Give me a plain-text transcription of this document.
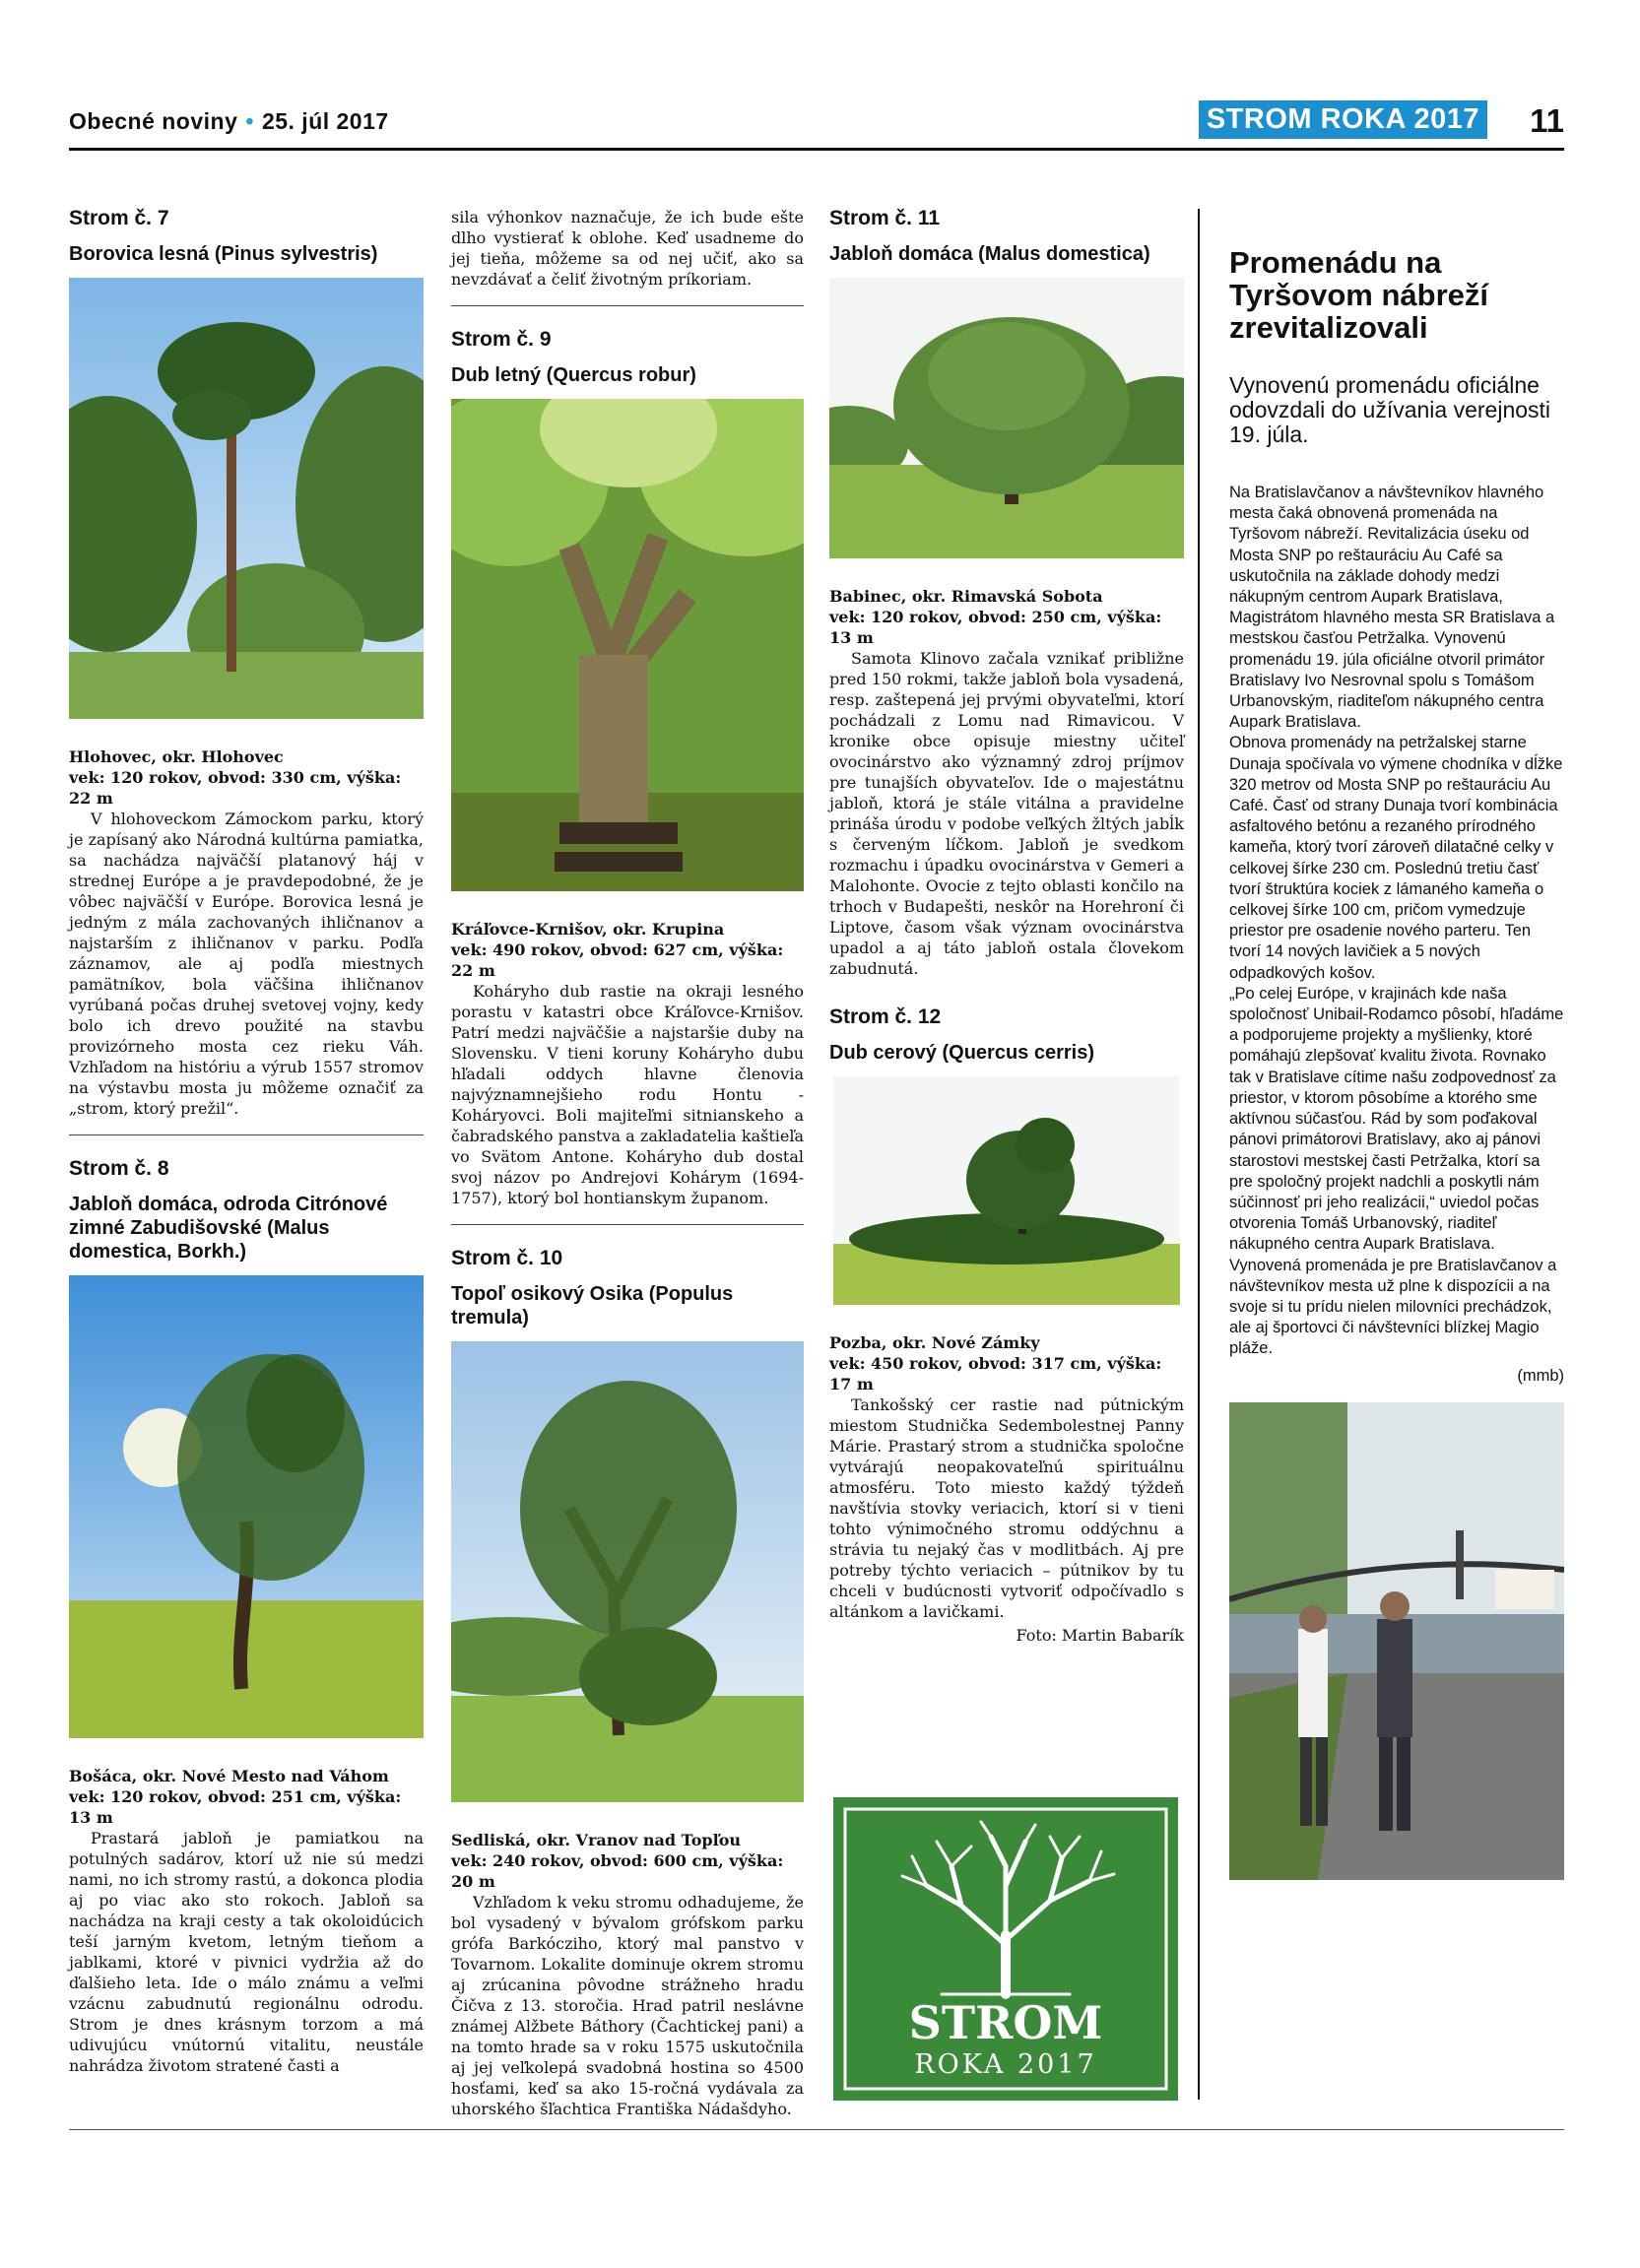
Obecné noviny • 25. júl 2017	STROM ROKA 2017 11
Strom č. 7
Borovica lesná (Pinus sylvestris)
Hlohovec, okr. Hlohovec
vek: 120 rokov, obvod: 330 cm, výška: 22 m

V hlohoveckom Zámockom parku, ktorý je zapísaný ako Národná kultúrna pamiatka, sa nachádza najväčší platanový háj v strednej Európe a je pravdepodobné, že je vôbec najväčší v Európe. Borovica lesná je jedným z mála zachovaných ihličnanov a najstarším z ihličnanov v parku. Podľa záznamov, ale aj podľa miestnych pamätníkov, bola väčšina ihličnanov vyrúbaná počas druhej svetovej vojny, kedy bolo ich drevo použité na stavbu provizórneho mosta cez rieku Váh. Vzhľadom na históriu a výrub 1557 stromov na výstavbu mosta ju môžeme označiť za „strom, ktorý prežil“.

Strom č. 8
Jabloň domáca, odroda Citrónové zimné Zabudišovské (Malus domestica, Borkh.)
Bošáca, okr. Nové Mesto nad Váhom
vek: 120 rokov, obvod: 251 cm, výška: 13 m

Prastará jabloň je pamiatkou na potulných sadárov, ktorí už nie sú medzi nami, no ich stromy rastú, a dokonca plodia aj po viac ako sto rokoch. Jabloň sa nachádza na kraji cesty a tak okoloidúcich teší jarným kvetom, letným tieňom a jablkami, ktoré v pivnici vydržia až do ďalšieho leta. Ide o málo známu a veľmi vzácnu zabudnutú regionálnu odrodu. Strom je dnes krásnym torzom a má udivujúcu vnútornú vitalitu, neustále nahrádza životom stratené časti a

sila výhonkov naznačuje, že ich bude ešte dlho vystierať k oblohe. Keď usadneme do jej tieňa, môžeme sa od nej učiť, ako sa nevzdávať a čeliť životným príkoriam.
Strom č. 9
Dub letný (Quercus robur)
Kráľovce-Krnišov, okr. Krupina
vek: 490 rokov, obvod: 627 cm, výška: 22 m

Koháryho dub rastie na okraji lesného porastu v katastri obce Kráľovce-Krnišov. Patrí medzi najväčšie a najstaršie duby na Slovensku. V tieni koruny Koháryho dubu hľadali oddych hlavne členovia najvýznamnejšieho rodu Hontu - Koháryovci. Boli majiteľmi sitnianskeho a čabradského panstva a zakladatelia kaštieľa vo Svätom Antone. Koháryho dub dostal svoj názov po Andrejovi Kohárym (1694-1757), ktorý bol hontianskym županom.

Strom č. 10
Topoľ osikový Osika (Populus tremula)
Sedliská, okr. Vranov nad Topľou
vek: 240 rokov, obvod: 600 cm, výška: 20 m

Vzhľadom k veku stromu odhadujeme, že bol vysadený v bývalom grófskom parku grófa Barkócziho, ktorý mal panstvo v Tovarnom. Lokalite dominuje okrem stromu aj zrúcanina pôvodne strážneho hradu Čičva z 13. storočia. Hrad patril neslávne známej Alžbete Báthory (Čachtickej pani) a na tomto hrade sa v roku 1575 uskutočnila aj jej veľkolepá svadobná hostina so 4500 hosťami, keď sa ako 15-ročná vydávala za uhorského šľachtica Františka Nádašdyho.

Strom č. 11
Jabloň domáca (Malus domestica)
Babinec, okr. Rimavská Sobota
vek: 120 rokov, obvod: 250 cm, výška: 13 m

Samota Klinovo začala vznikať približne pred 150 rokmi, takže jabloň bola vysadená, resp. zaštepená jej prvými obyvateľmi, ktorí pochádzali z Lomu nad Rimavicou. V kronike obce opisuje miestny učiteľ ovocinárstvo ako významný zdroj príjmov pre tunajších obyvateľov. Ide o majestátnu jabloň, ktorá je stále vitálna a pravidelne prináša úrodu v podobe veľkých žltých jabĺk s červeným líčkom. Jabloň je svedkom rozmachu i úpadku ovocinárstva v Gemeri a Malohonte. Ovocie z tejto oblasti končilo na trhoch v Budapešti, neskôr na Horehroní či Liptove, časom však význam ovocinárstva upadol a aj táto jabloň ostala človekom zabudnutá.

Strom č. 12
Dub cerový (Quercus cerris)
Pozba, okr. Nové Zámky
vek: 450 rokov, obvod: 317 cm, výška: 17 m

Tankošský cer rastie nad pútnickým miestom Studnička Sedembolestnej Panny Márie. Prastarý strom a studnička spoločne vytvárajú neopakovateľnú spirituálnu atmosféru. Toto miesto každý týždeň navštívia stovky veriacich, ktorí si v tieni tohto výnimočného stromu oddýchnu a strávia tu nejaký čas v modlitbách. Aj pre potreby týchto veriacich – pútnikov by tu chceli v budúcnosti vytvoriť odpočívadlo s altánkom a lavičkami.

Foto: Martin Babarík
STROM
ROKA 2017
Promenádu na Tyršovom nábreží zrevitalizovali
Vynovenú promenádu oficiálne odovzdali do užívania verejnosti 19. júla.

Na Bratislavčanov a návštevníkov hlavného mesta čaká obnovená promenáda na Tyršovom nábreží. Revitalizácia úseku od Mosta SNP po reštauráciu Au Café sa uskutočnila na základe dohody medzi nákupným centrom Aupark Bratislava, Magistrátom hlavného mesta SR Bratislava a mestskou časťou Petržalka. Vynovenú promenádu 19. júla oficiálne otvoril primátor Bratislavy Ivo Nesrovnal spolu s Tomášom Urbanovským, riaditeľom nákupného centra Aupark Bratislava.

Obnova promenády na petržalskej starne Dunaja spočívala vo výmene chodníka v dĺžke 320 metrov od Mosta SNP po reštauráciu Au Café. Časť od strany Dunaja tvorí kombinácia asfaltového betónu a rezaného prírodného kameňa, ktorý tvorí zároveň dilatačné celky v celkovej šírke 230 cm. Poslednú tretiu časť tvorí štruktúra kociek z lámaného kameňa o celkovej šírke 100 cm, pričom vymedzuje priestor pre osadenie nového parteru. Ten tvorí 14 nových lavičiek a 5 nových odpadkových košov.

„Po celej Európe, v krajinách kde naša spoločnosť Unibail-Rodamco pôsobí, hľadáme a podporujeme projekty a myšlienky, ktoré pomáhajú zlepšovať kvalitu života. Rovnako tak v Bratislave cítime našu zodpovednosť za priestor, v ktorom pôsobíme a ktorého sme aktívnou súčasťou. Rád by som poďakoval pánovi primátorovi Bratislavy, ako aj pánovi starostovi mestskej časti Petržalka, ktorí sa pre spoločný projekt nadchli a poskytli nám súčinnosť pri jeho realizácii,“ uviedol počas otvorenia Tomáš Urbanovský, riaditeľ nákupného centra Aupark Bratislava.

Vynovená promenáda je pre Bratislavčanov a návštevníkov mesta už plne k dispozícii a na svoje si tu prídu nielen milovníci prechádzok, ale aj športovci či návštevníci blízkej Magio pláže.

(mmb)
